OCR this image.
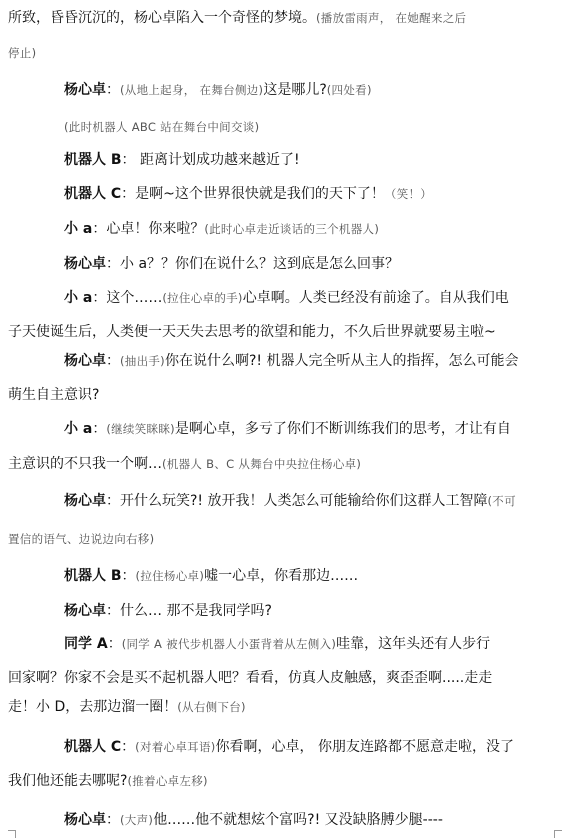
所致，昏昏沉沉的，杨心卓陷入一个奇怪的梦境。(播放雷雨声， 在她醒来之后
停止)
杨心卓：(从地上起身， 在舞台侧边)这是哪儿?(四处看)
(此时机器人 ABC 站在舞台中间交谈)
机器人 B： 距离计划成功越来越近了!
机器人 C：是啊~这个世界很快就是我们的天下了！（笑！）
小 a：心卓！你来啦？(此时心卓走近谈话的三个机器人)
杨心卓：小 a？？你们在说什么？这到底是怎么回事？
小 a：这个……(拉住心卓的手)心卓啊。人类已经没有前途了。自从我们电
子天使诞生后，人类便一天天失去思考的欲望和能力，不久后世界就要易主啦~
杨心卓：(抽出手)你在说什么啊?! 机器人完全听从主人的指挥，怎么可能会
萌生自主意识?
小 a：(继续笑眯眯)是啊心卓，多亏了你们不断训练我们的思考，才让有自
主意识的不只我一个啊…(机器人 B、C 从舞台中央拉住杨心卓)
杨心卓：开什么玩笑?! 放开我！人类怎么可能输给你们这群人工智障(不可
置信的语气、边说边向右移)
机器人 B：(拉住杨心卓)嘘一心卓，你看那边……
杨心卓：什么… 那不是我同学吗?
同学 A：(同学 A 被代步机器人小蛋背着从左侧入)哇靠，这年头还有人步行
回家啊？你家不会是买不起机器人吧？看看，仿真人皮触感，爽歪歪啊.....走走
走！小 D，去那边溜一圈！(从右侧下台)
机器人 C：(对着心卓耳语)你看啊，心卓， 你朋友连路都不愿意走啦，没了
我们他还能去哪呢?(推着心卓左移)
杨心卓：(大声)他……他不就想炫个富吗?! 又没缺胳膊少腿----
